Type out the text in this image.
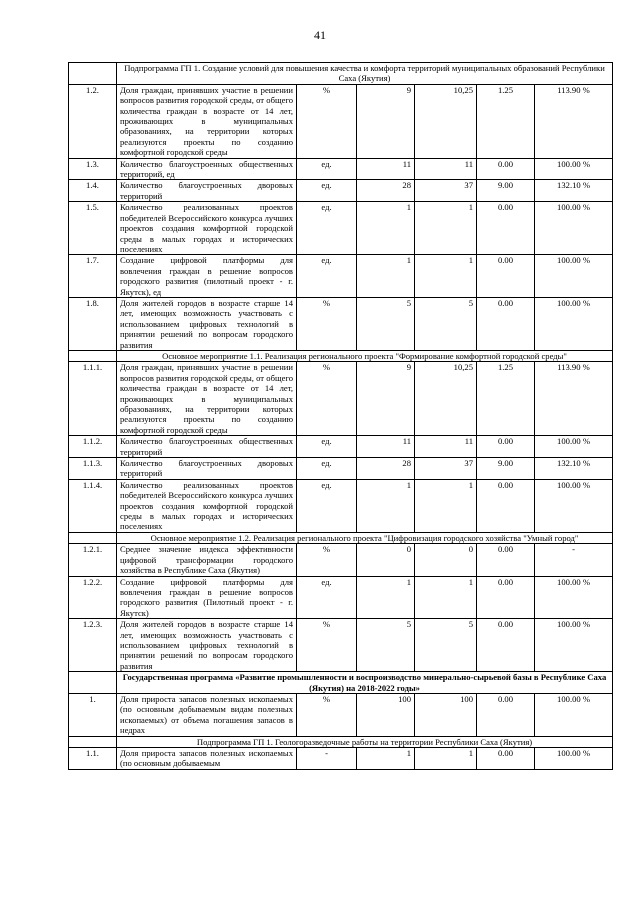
41
	Подпрограмма ГП 1. Создание условий для повышения качества и комфорта территорий муниципальных образований Республики Саха (Якутия)					
1.2.	Доля граждан, принявших участие в решении вопросов развития городской среды, от общего количества граждан в возрасте от 14 лет, проживающих в муниципальных образованиях, на территории которых реализуются проекты по созданию комфортной городской среды	%	9	10,25	1.25	113.90 %
1.3.	Количество благоустроенных общественных территорий, ед	ед.	11	11	0.00	100.00 %
1.4.	Количество благоустроенных дворовых территорий	ед.	28	37	9.00	132.10 %
1.5.	Количество реализованных проектов победителей Всероссийского конкурса лучших проектов создания комфортной городской среды в малых городах и исторических поселениях	ед.	1	1	0.00	100.00 %
1.7.	Создание цифровой платформы для вовлечения граждан в решение вопросов городского развития (пилотный проект - г. Якутск), ед	ед.	1	1	0.00	100.00 %
1.8.	Доля жителей городов в возрасте старше 14 лет, имеющих возможность участвовать с использованием цифровых технологий в принятии решений по вопросам городского развития	%	5	5	0.00	100.00 %
	Основное мероприятие 1.1. Реализация регионального проекта "Формирование комфортной городской среды"					
1.1.1.	Доля граждан, принявших участие в решении вопросов развития городской среды, от общего количества граждан в возрасте от 14 лет, проживающих в муниципальных образованиях, на территории которых реализуются проекты по созданию комфортной городской среды	%	9	10,25	1.25	113.90 %
1.1.2.	Количество благоустроенных общественных территорий	ед.	11	11	0.00	100.00 %
1.1.3.	Количество благоустроенных дворовых территорий	ед.	28	37	9.00	132.10 %
1.1.4.	Количество реализованных проектов победителей Всероссийского конкурса лучших проектов создания комфортной городской среды в малых городах и исторических поселениях	ед.	1	1	0.00	100.00 %
	Основное мероприятие 1.2. Реализация регионального проекта "Цифровизация городского хозяйства "Умный город"					
1.2.1.	Среднее значение индекса эффективности цифровой трансформации городского хозяйства в Республике Саха (Якутия)	%	0	0	0.00	-
1.2.2.	Создание цифровой платформы для вовлечения граждан в решение вопросов городского развития (Пилотный проект - г. Якутск)	ед.	1	1	0.00	100.00 %
1.2.3.	Доля жителей городов в возрасте старше 14 лет, имеющих возможность участвовать с использованием цифровых технологий в принятии решений по вопросам городского развития	%	5	5	0.00	100.00 %
	Государственная программа «Развитие промышленности и воспроизводство минерально-сырьевой базы в Республике Саха (Якутия) на 2018-2022 годы»					
1.	Доля прироста запасов полезных ископаемых (по основным добываемым видам полезных ископаемых) от объема погашения запасов в недрах	%	100	100	0.00	100.00 %
	Подпрограмма ГП 1. Геологоразведочные работы на территории Республики Саха (Якутия)					
1.1.	Доля прироста запасов полезных ископаемых (по основным добываемым	-	1	1	0.00	100.00 %
